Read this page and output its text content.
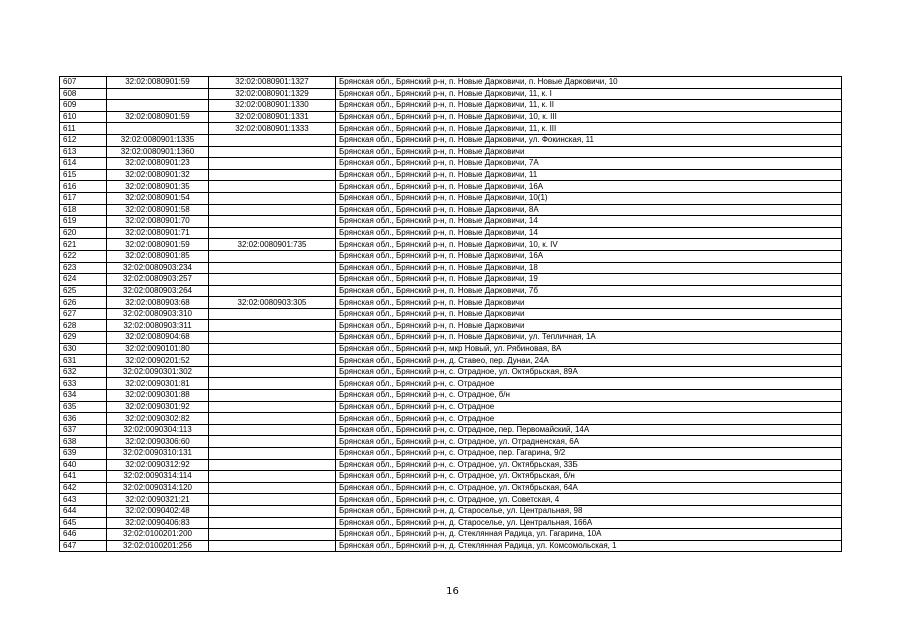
607	32:02:0080901:59	32:02:0080901:1327	Брянская обл., Брянский р-н, п. Новые Дарковичи, п. Новые Дарковичи, 10
608		32:02:0080901:1329	Брянская обл., Брянский р-н, п. Новые Дарковичи, 11, к. I
609		32:02:0080901:1330	Брянская обл., Брянский р-н, п. Новые Дарковичи, 11, к. II
610	32:02:0080901:59	32:02:0080901:1331	Брянская обл., Брянский р-н, п. Новые Дарковичи, 10, к. III
611		32:02:0080901:1333	Брянская обл., Брянский р-н, п. Новые Дарковичи, 11, к. III
612	32:02:0080901:1335		Брянская обл., Брянский р-н, п. Новые Дарковичи, ул. Фокинская, 11
613	32:02:0080901:1360		Брянская обл., Брянский р-н, п. Новые Дарковичи
614	32:02:0080901:23		Брянская обл., Брянский р-н, п. Новые Дарковичи, 7А
615	32:02:0080901:32		Брянская обл., Брянский р-н, п. Новые Дарковичи, 11
616	32:02:0080901:35		Брянская обл., Брянский р-н, п. Новые Дарковичи, 16А
617	32:02:0080901:54		Брянская обл., Брянский р-н, п. Новые Дарковичи, 10(1)
618	32:02:0080901:58		Брянская обл., Брянский р-н, п. Новые Дарковичи, 8А
619	32:02:0080901:70		Брянская обл., Брянский р-н, п. Новые Дарковичи, 14
620	32:02:0080901:71		Брянская обл., Брянский р-н, п. Новые Дарковичи, 14
621	32:02:0080901:59	32:02:0080901:735	Брянская обл., Брянский р-н, п. Новые Дарковичи, 10, к. IV
622	32:02:0080901:85		Брянская обл., Брянский р-н, п. Новые Дарковичи, 16А
623	32:02:0080903:234		Брянская обл., Брянский р-н, п. Новые Дарковичи, 18
624	32:02:0080903:257		Брянская обл., Брянский р-н, п. Новые Дарковичи, 19
625	32:02:0080903:264		Брянская обл., Брянский р-н, п. Новые Дарковичи, 7б
626	32:02:0080903:68	32:02:0080903:305	Брянская обл., Брянский р-н, п. Новые Дарковичи
627	32:02:0080903:310		Брянская обл., Брянский р-н, п. Новые Дарковичи
628	32:02:0080903:311		Брянская обл., Брянский р-н, п. Новые Дарковичи
629	32:02:0080904:68		Брянская обл., Брянский р-н, п. Новые Дарковичи, ул. Тепличная, 1А
630	32:02:0090101:80		Брянская обл., Брянский р-н, мкр Новый, ул. Рябиновая, 8А
631	32:02:0090201:52		Брянская обл., Брянский р-н, д. Ставео, пер. Дунаи, 24А
632	32:02:0090301:302		Брянская обл., Брянский р-н, с. Отрадное, ул. Октябрьская, 89А
633	32:02:0090301:81		Брянская обл., Брянский р-н, с. Отрадное
634	32:02:0090301:88		Брянская обл., Брянский р-н, с. Отрадное, б/н
635	32:02:0090301:92		Брянская обл., Брянский р-н, с. Отрадное
636	32:02:0090302:82		Брянская обл., Брянский р-н, с. Отрадное
637	32:02:0090304:113		Брянская обл., Брянский р-н, с. Отрадное, пер. Первомайский, 14А
638	32:02:0090306:60		Брянская обл., Брянский р-н, с. Отрадное, ул. Отрадненская, 6А
639	32:02:0090310:131		Брянская обл., Брянский р-н, с. Отрадное, пер. Гагарина, 9/2
640	32:02:0090312:92		Брянская обл., Брянский р-н, с. Отрадное, ул. Октябрьская, 33Б
641	32:02:0090314:114		Брянская обл., Брянский р-н, с. Отрадное, ул. Октябрьская, б/н
642	32:02:0090314:120		Брянская обл., Брянский р-н, с. Отрадное, ул. Октябрьская, 64А
643	32:02:0090321:21		Брянская обл., Брянский р-н, с. Отрадное, ул. Советская, 4
644	32:02:0090402:48		Брянская обл., Брянский р-н, д. Староселье, ул. Центральная, 98
645	32:02:0090406:83		Брянская обл., Брянский р-н, д. Староселье, ул. Центральная, 166А
646	32:02:0100201:200		Брянская обл., Брянский р-н, д. Стеклянная Радица, ул. Гагарина, 10А
647	32:02:0100201:256		Брянская обл., Брянский р-н, д. Стеклянная Радица, ул. Комсомольская, 1
16
